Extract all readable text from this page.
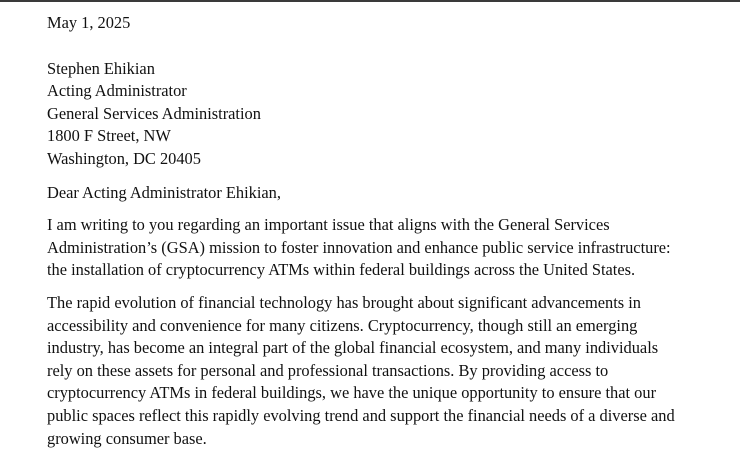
May 1, 2025
Stephen Ehikian
Acting Administrator
General Services Administration
1800 F Street, NW
Washington, DC 20405
Dear Acting Administrator Ehikian,
I am writing to you regarding an important issue that aligns with the General Services
Administration’s (GSA) mission to foster innovation and enhance public service infrastructure:
the installation of cryptocurrency ATMs within federal buildings across the United States.
The rapid evolution of financial technology has brought about significant advancements in
accessibility and convenience for many citizens. Cryptocurrency, though still an emerging
industry, has become an integral part of the global financial ecosystem, and many individuals
rely on these assets for personal and professional transactions. By providing access to
cryptocurrency ATMs in federal buildings, we have the unique opportunity to ensure that our
public spaces reflect this rapidly evolving trend and support the financial needs of a diverse and
growing consumer base.
